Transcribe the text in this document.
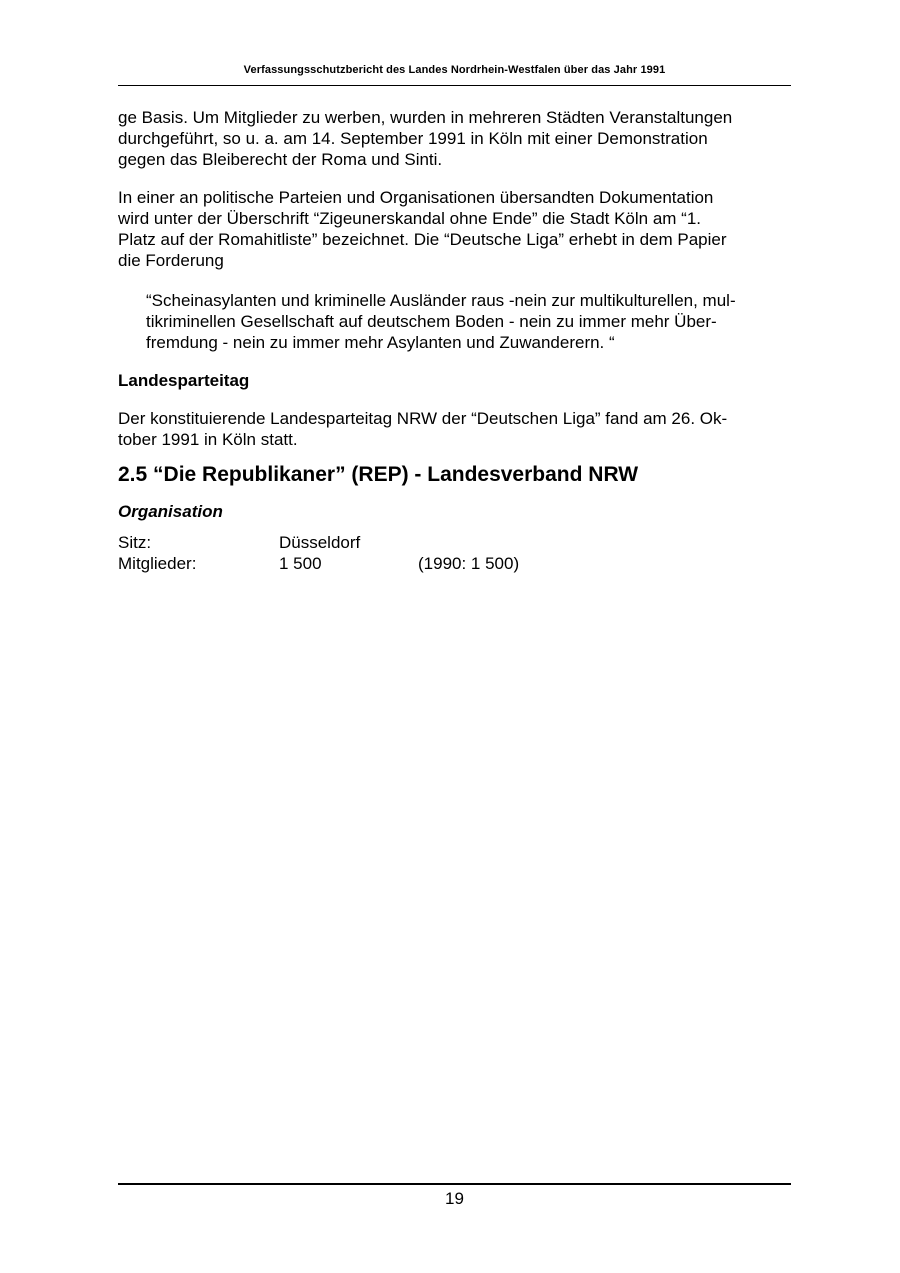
Verfassungsschutzbericht des Landes Nordrhein-Westfalen über das Jahr 1991

ge Basis. Um Mitglieder zu werben, wurden in mehreren Städten Veranstaltungen
durchgeführt, so u. a. am 14. September 1991 in Köln mit einer Demonstration
gegen das Bleiberecht der Roma und Sinti.

In einer an politische Parteien und Organisationen übersandten Dokumentation
wird unter der Überschrift “Zigeunerskandal ohne Ende” die Stadt Köln am “1.
Platz auf der Romahitliste” bezeichnet. Die “Deutsche Liga” erhebt in dem Papier
die Forderung

“Scheinasylanten und kriminelle Ausländer raus -nein zur multikulturellen, mul-
tikriminellen Gesellschaft auf deutschem Boden - nein zu immer mehr Über-
fremdung - nein zu immer mehr Asylanten und Zuwanderern. “

Landesparteitag

Der konstituierende Landesparteitag NRW der “Deutschen Liga” fand am 26. Ok-
tober 1991 in Köln statt.

2.5 “Die Republikaner” (REP) - Landesverband NRW
Organisation
Sitz:	Düsseldorf
Mitglieder:	1 500	(1990: 1 500)
19
